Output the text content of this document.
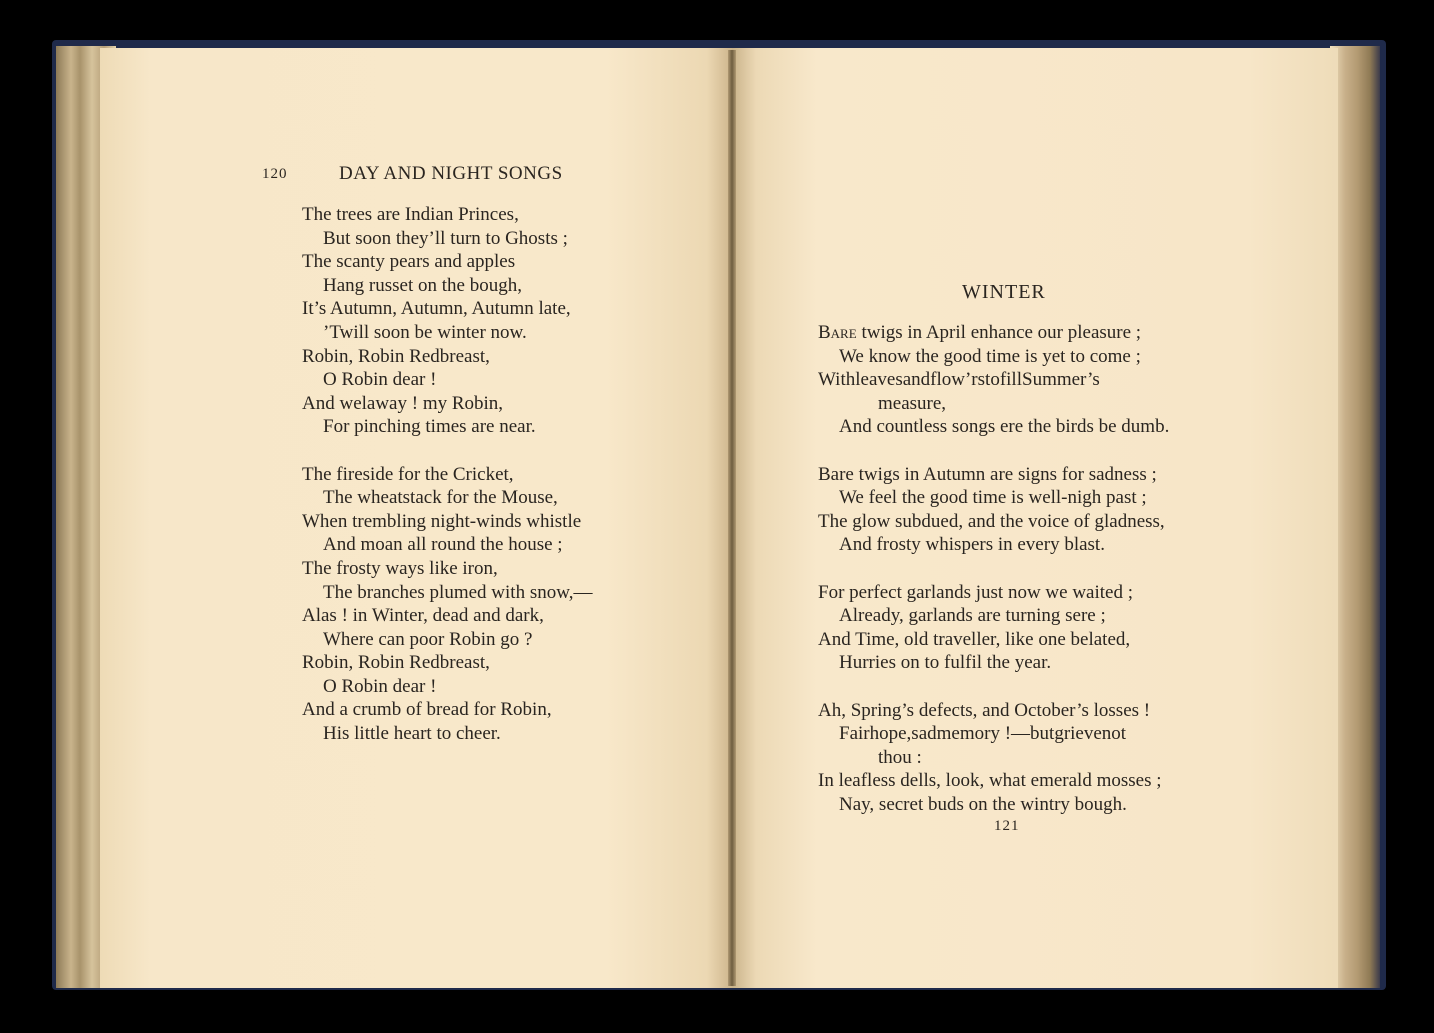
120	DAY AND NIGHT SONGS
The trees are Indian Princes,
But soon they’ll turn to Ghosts ;
The scanty pears and apples
Hang russet on the bough,
It’s Autumn, Autumn, Autumn late,
’Twill soon be winter now.
Robin, Robin Redbreast,
O Robin dear !
And welaway ! my Robin,
For pinching times are near.
The fireside for the Cricket,
The wheatstack for the Mouse,
When trembling night-winds whistle
And moan all round the house ;
The frosty ways like iron,
The branches plumed with snow,—
Alas ! in Winter, dead and dark,
Where can poor Robin go ?
Robin, Robin Redbreast,
O Robin dear !
And a crumb of bread for Robin,
His little heart to cheer.
WINTER
Bare twigs in April enhance our pleasure ;
We know the good time is yet to come ;
Withleavesandflow’rstofillSummer’s
measure,
And countless songs ere the birds be dumb.
Bare twigs in Autumn are signs for sadness ;
We feel the good time is well-nigh past ;
The glow subdued, and the voice of gladness,
And frosty whispers in every blast.
For perfect garlands just now we waited ;
Already, garlands are turning sere ;
And Time, old traveller, like one belated,
Hurries on to fulfil the year.
Ah, Spring’s defects, and October’s losses !
Fairhope,sadmemory !—butgrievenot
thou :
In leafless dells, look, what emerald mosses ;
Nay, secret buds on the wintry bough.
121
